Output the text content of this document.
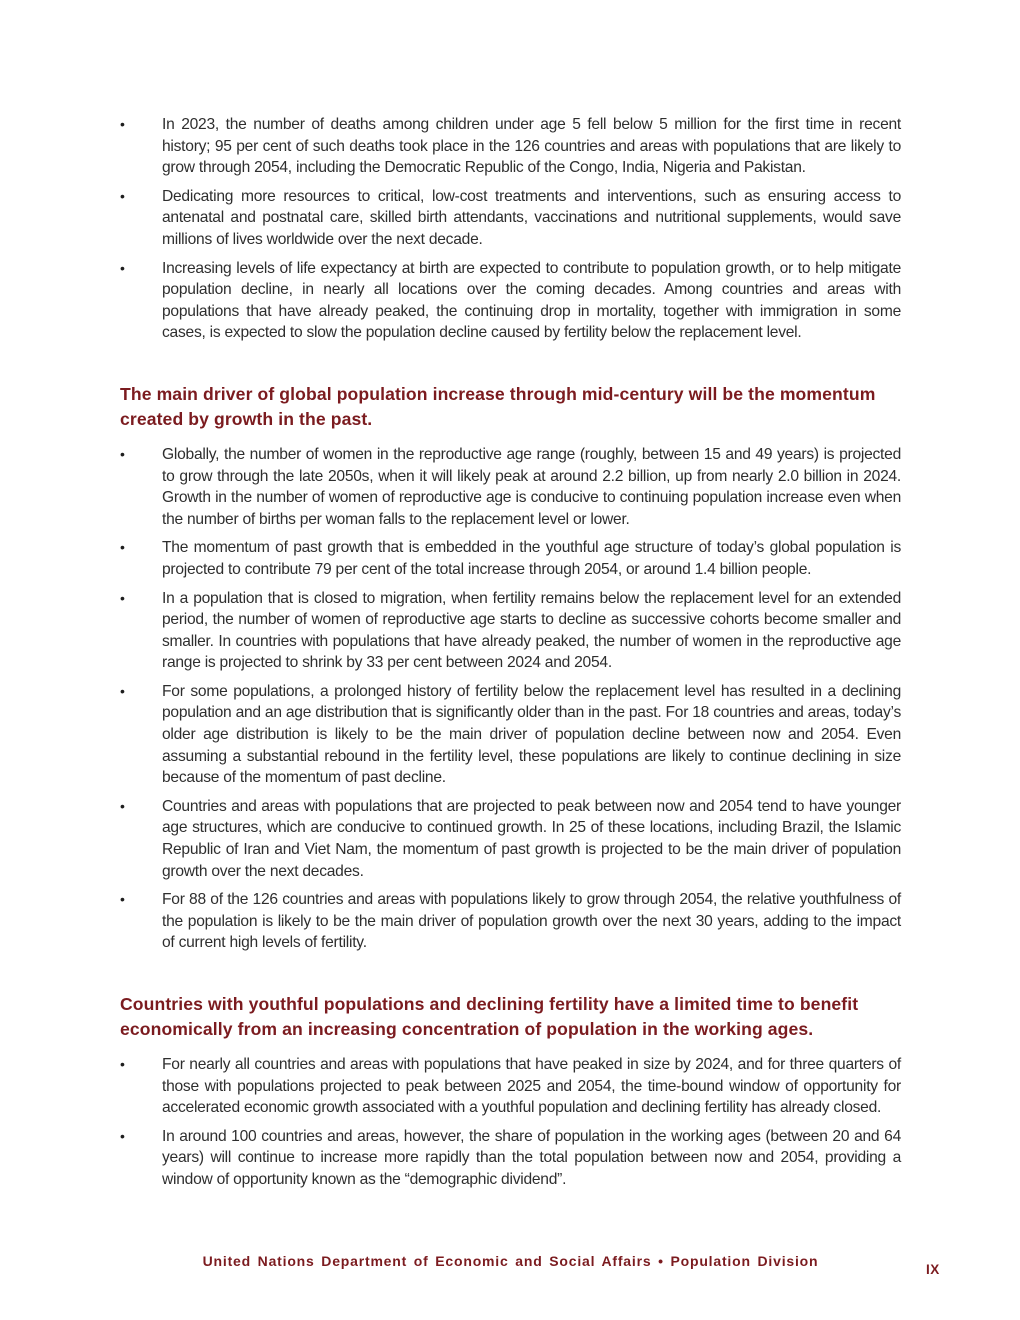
•	In 2023, the number of deaths among children under age 5 fell below 5 million for the first time in recent history; 95 per cent of such deaths took place in the 126 countries and areas with populations that are likely to grow through 2054, including the Democratic Republic of the Congo, India, Nigeria and Pakistan.
•	Dedicating more resources to critical, low-cost treatments and interventions, such as ensuring access to antenatal and postnatal care, skilled birth attendants, vaccinations and nutritional supplements, would save millions of lives worldwide over the next decade.
•	Increasing levels of life expectancy at birth are expected to contribute to population growth, or to help mitigate population decline, in nearly all locations over the coming decades. Among countries and areas with populations that have already peaked, the continuing drop in mortality, together with immigration in some cases, is expected to slow the population decline caused by fertility below the replacement level.
The main driver of global population increase through mid-century will be the momentum created by growth in the past.
•	Globally, the number of women in the reproductive age range (roughly, between 15 and 49 years) is projected to grow through the late 2050s, when it will likely peak at around 2.2 billion, up from nearly 2.0 billion in 2024. Growth in the number of women of reproductive age is conducive to continuing population increase even when the number of births per woman falls to the replacement level or lower.
•	The momentum of past growth that is embedded in the youthful age structure of today’s global population is projected to contribute 79 per cent of the total increase through 2054, or around 1.4 billion people.
•	In a population that is closed to migration, when fertility remains below the replacement level for an extended period, the number of women of reproductive age starts to decline as successive cohorts become smaller and smaller. In countries with populations that have already peaked, the number of women in the reproductive age range is projected to shrink by 33 per cent between 2024 and 2054.
•	For some populations, a prolonged history of fertility below the replacement level has resulted in a declining population and an age distribution that is significantly older than in the past. For 18 countries and areas, today’s older age distribution is likely to be the main driver of population decline between now and 2054. Even assuming a substantial rebound in the fertility level, these populations are likely to continue declining in size because of the momentum of past decline.
•	Countries and areas with populations that are projected to peak between now and 2054 tend to have younger age structures, which are conducive to continued growth. In 25 of these locations, including Brazil, the Islamic Republic of Iran and Viet Nam, the momentum of past growth is projected to be the main driver of population growth over the next decades.
•	For 88 of the 126 countries and areas with populations likely to grow through 2054, the relative youthfulness of the population is likely to be the main driver of population growth over the next 30 years, adding to the impact of current high levels of fertility.
Countries with youthful populations and declining fertility have a limited time to benefit economically from an increasing concentration of population in the working ages.
•	For nearly all countries and areas with populations that have peaked in size by 2024, and for three quarters of those with populations projected to peak between 2025 and 2054, the time-bound window of opportunity for accelerated economic growth associated with a youthful population and declining fertility has already closed.
•	In around 100 countries and areas, however, the share of population in the working ages (between 20 and 64 years) will continue to increase more rapidly than the total population between now and 2054, providing a window of opportunity known as the “demographic dividend”.
United Nations Department of Economic and Social Affairs • Population Division
IX
